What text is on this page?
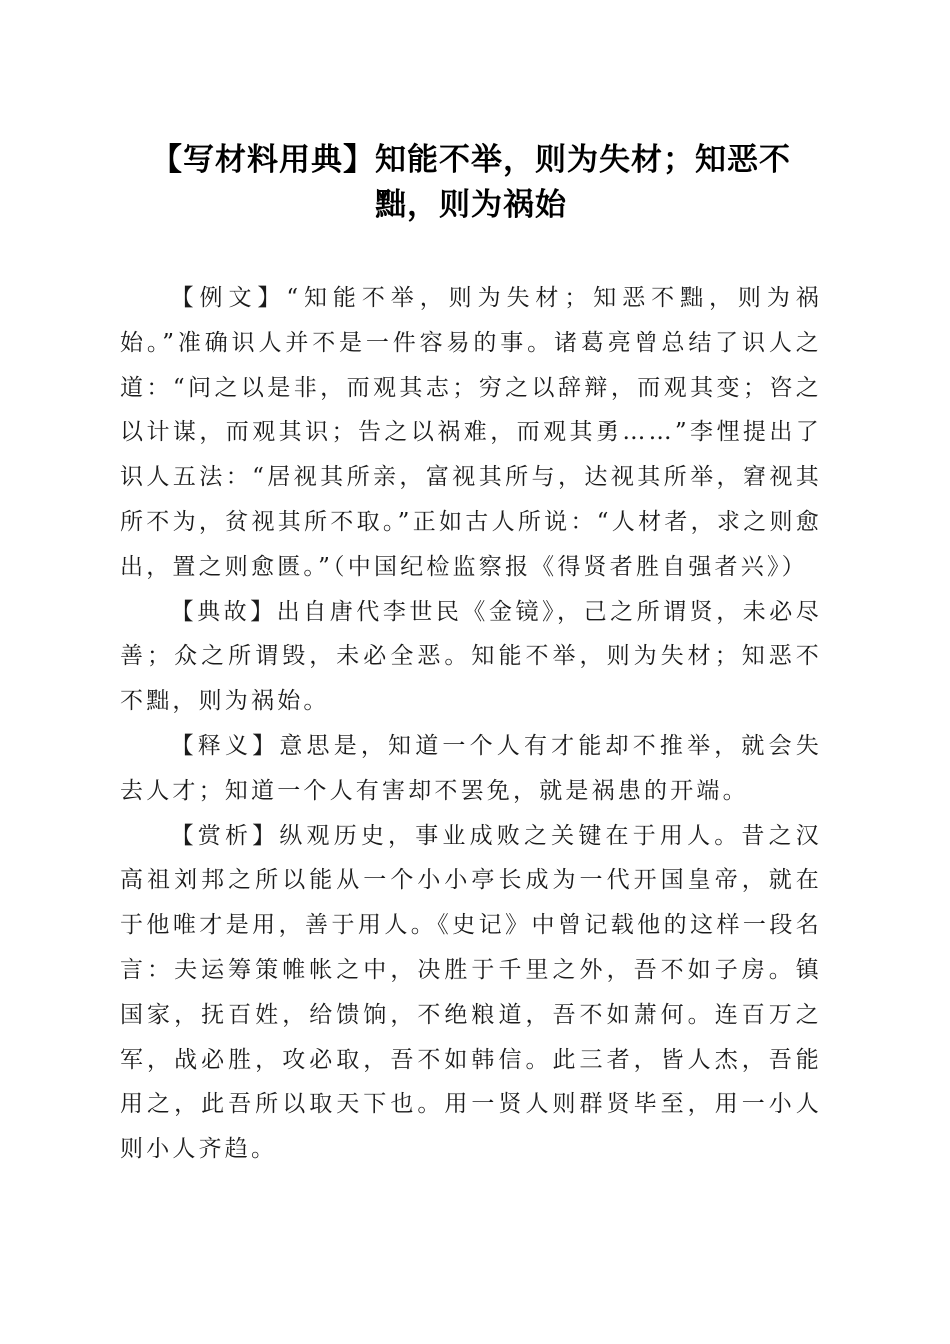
【写材料用典】知能不举，则为失材；知恶不黜，则为祸始

【例文】“知能不举，则为失材；知恶不黜，则为祸始。”准确识人并不是一件容易的事。诸葛亮曾总结了识人之道：“问之以是非，而观其志；穷之以辞辩，而观其变；咨之以计谋，而观其识；告之以祸难，而观其勇……”李悝提出了识人五法：“居视其所亲，富视其所与，达视其所举，窘视其所不为，贫视其所不取。”正如古人所说：“人材者，求之则愈出，置之则愈匮。”（中国纪检监察报《得贤者胜自强者兴》）

【典故】出自唐代李世民《金镜》，己之所谓贤，未必尽善；众之所谓毁，未必全恶。知能不举，则为失材；知恶不不黜，则为祸始。

【释义】意思是，知道一个人有才能却不推举，就会失去人才；知道一个人有害却不罢免，就是祸患的开端。

【赏析】纵观历史，事业成败之关键在于用人。昔之汉高祖刘邦之所以能从一个小小亭长成为一代开国皇帝，就在于他唯才是用，善于用人。《史记》中曾记载他的这样一段名言：夫运筹策帷帐之中，决胜于千里之外，吾不如子房。镇国家，抚百姓，给馈饷，不绝粮道，吾不如萧何。连百万之军，战必胜，攻必取，吾不如韩信。此三者，皆人杰，吾能用之，此吾所以取天下也。用一贤人则群贤毕至，用一小人则小人齐趋。
